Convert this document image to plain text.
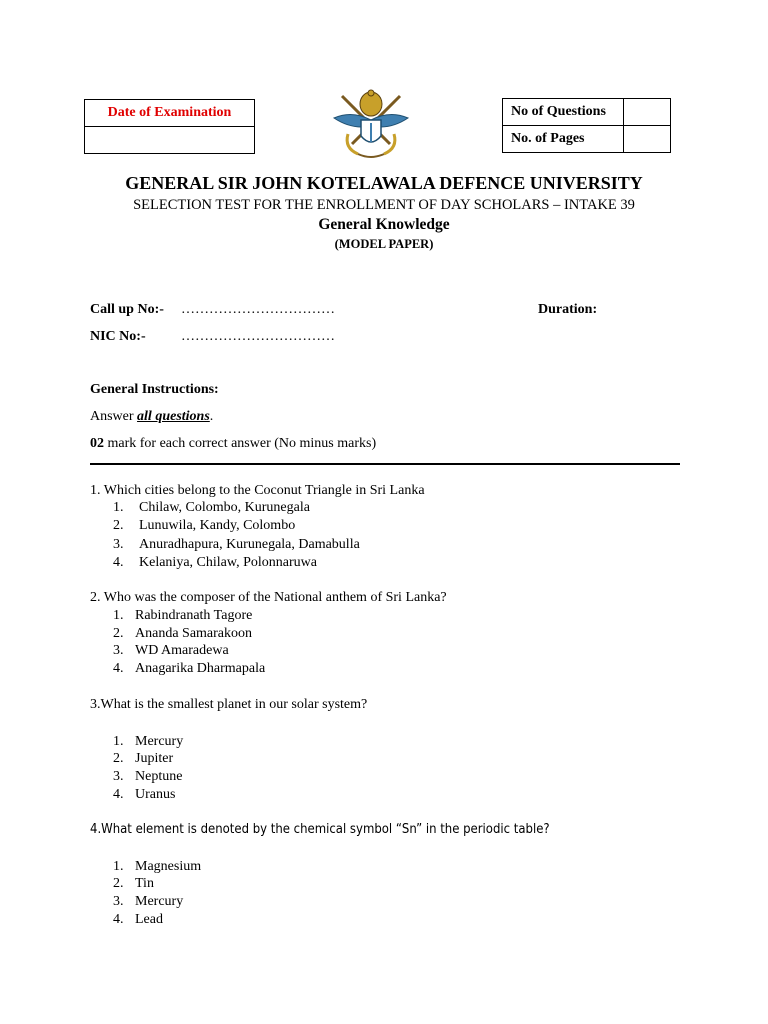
Date of Examination	No of Questions	
No. of Pages	
GENERAL SIR JOHN KOTELAWALA DEFENCE UNIVERSITY
SELECTION TEST FOR THE ENROLLMENT OF DAY SCHOLARS – INTAKE 39
General Knowledge
(MODEL PAPER)
Call up No:- ……………………………	Duration:
NIC No:-	……………………………
General Instructions:
Answer all questions.
02 mark for each correct answer (No minus marks)
1. Which cities belong to the Coconut Triangle in Sri Lanka
1. Chilaw, Colombo, Kurunegala
2. Lunuwila, Kandy, Colombo
3. Anuradhapura, Kurunegala, Damabulla
4. Kelaniya, Chilaw, Polonnaruwa
2. Who was the composer of the National anthem of Sri Lanka?
1. Rabindranath Tagore
2. Ananda Samarakoon
3. WD Amaradewa
4. Anagarika Dharmapala
3.What is the smallest planet in our solar system?
1. Mercury
2. Jupiter
3. Neptune
4. Uranus
4.What element is denoted by the chemical symbol “Sn” in the periodic table?
1. Magnesium
2. Tin
3. Mercury
4. Lead
